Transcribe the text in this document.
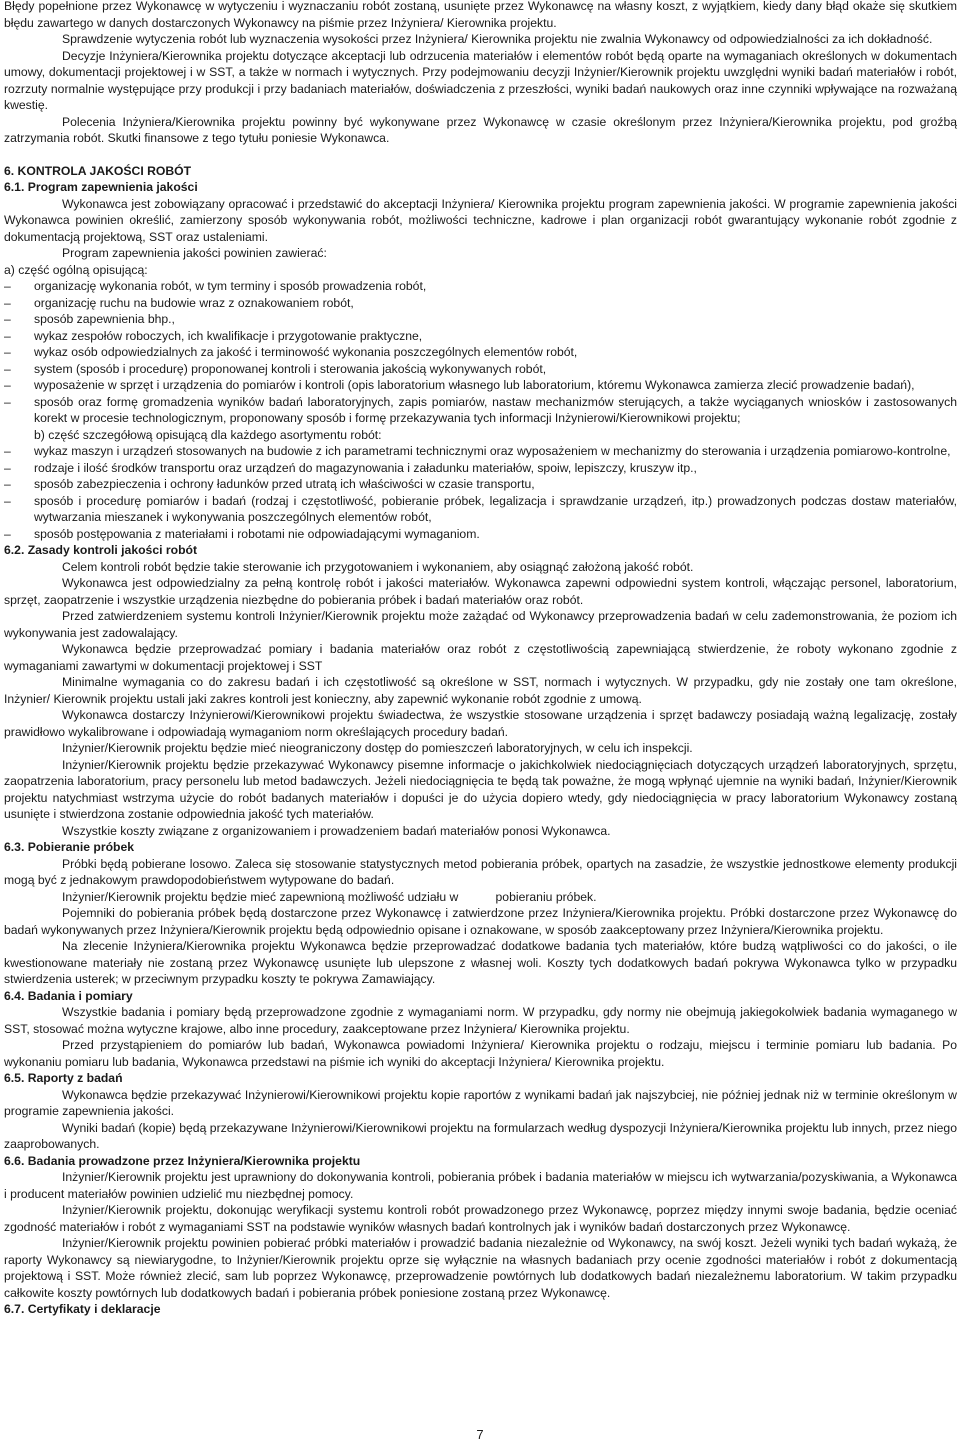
Błędy popełnione przez Wykonawcę w wytyczeniu i wyznaczaniu robót zostaną, usunięte przez Wykonawcę na własny koszt, z wyjątkiem, kiedy dany błąd okaże się skutkiem błędu zawartego w danych dostarczonych Wykonawcy na piśmie przez Inżyniera/ Kierownika projektu.

Sprawdzenie wytyczenia robót lub wyznaczenia wysokości przez Inżyniera/ Kierownika projektu nie zwalnia Wykonawcy od odpowiedzialności za ich dokładność.

Decyzje Inżyniera/Kierownika projektu dotyczące akceptacji lub odrzucenia materiałów i elementów robót będą oparte na wymaganiach określonych w dokumentach umowy, dokumentacji projektowej i w SST, a także w normach i wytycznych. Przy podejmowaniu decyzji Inżynier/Kierownik projektu uwzględni wyniki badań materiałów i robót, rozrzuty normalnie występujące przy produkcji i przy badaniach materiałów, doświadczenia z przeszłości, wyniki badań naukowych oraz inne czynniki wpływające na rozważaną kwestię.

Polecenia Inżyniera/Kierownika projektu powinny być wykonywane przez Wykonawcę w czasie określonym przez Inżyniera/Kierownika projektu, pod groźbą zatrzymania robót. Skutki finansowe z tego tytułu poniesie Wykonawca.

6. KONTROLA JAKOŚCI ROBÓT

6.1. Program zapewnienia jakości

Wykonawca jest zobowiązany opracować i przedstawić do akceptacji Inżyniera/ Kierownika projektu program zapewnienia jakości. W programie zapewnienia jakości Wykonawca powinien określić, zamierzony sposób wykonywania robót, możliwości techniczne, kadrowe i plan organizacji robót gwarantujący wykonanie robót zgodnie z dokumentacją projektową, SST oraz ustaleniami.

Program zapewnienia jakości powinien zawierać:

a) część ogólną opisującą:

– organizację wykonania robót, w tym terminy i sposób prowadzenia robót,
– organizację ruchu na budowie wraz z oznakowaniem robót,
– sposób zapewnienia bhp.,
– wykaz zespołów roboczych, ich kwalifikacje i przygotowanie praktyczne,
– wykaz osób odpowiedzialnych za jakość i terminowość wykonania poszczególnych elementów robót,
– system (sposób i procedurę) proponowanej kontroli i sterowania jakością wykonywanych robót,
– wyposażenie w sprzęt i urządzenia do pomiarów i kontroli (opis laboratorium własnego lub laboratorium, któremu Wykonawca zamierza zlecić prowadzenie badań),
– sposób oraz formę gromadzenia wyników badań laboratoryjnych, zapis pomiarów, nastaw mechanizmów sterujących, a także wyciąganych wniosków i zastosowanych korekt w procesie technologicznym, proponowany sposób i formę przekazywania tych informacji Inżynierowi/Kierownikowi projektu;

b) część szczegółową opisującą dla każdego asortymentu robót:

– wykaz maszyn i urządzeń stosowanych na budowie z ich parametrami technicznymi oraz wyposażeniem w mechanizmy do sterowania i urządzenia pomiarowo-kontrolne,
– rodzaje i ilość środków transportu oraz urządzeń do magazynowania i załadunku materiałów, spoiw, lepiszczy, kruszyw itp.,
– sposób zabezpieczenia i ochrony ładunków przed utratą ich właściwości w czasie transportu,
– sposób i procedurę pomiarów i badań (rodzaj i częstotliwość, pobieranie próbek, legalizacja i sprawdzanie urządzeń, itp.) prowadzonych podczas dostaw materiałów, wytwarzania mieszanek i wykonywania poszczególnych elementów robót,
– sposób postępowania z materiałami i robotami nie odpowiadającymi wymaganiom.

6.2. Zasady kontroli jakości robót

Celem kontroli robót będzie takie sterowanie ich przygotowaniem i wykonaniem, aby osiągnąć założoną jakość robót.

Wykonawca jest odpowiedzialny za pełną kontrolę robót i jakości materiałów. Wykonawca zapewni odpowiedni system kontroli, włączając personel, laboratorium, sprzęt, zaopatrzenie i wszystkie urządzenia niezbędne do pobierania próbek i badań materiałów oraz robót.

Przed zatwierdzeniem systemu kontroli Inżynier/Kierownik projektu może zażądać od Wykonawcy przeprowadzenia badań w celu zademonstrowania, że poziom ich wykonywania jest zadowalający.

Wykonawca będzie przeprowadzać pomiary i badania materiałów oraz robót z częstotliwością zapewniającą stwierdzenie, że roboty wykonano zgodnie z wymaganiami zawartymi w dokumentacji projektowej i SST

Minimalne wymagania co do zakresu badań i ich częstotliwość są określone w SST, normach i wytycznych. W przypadku, gdy nie zostały one tam określone, Inżynier/ Kierownik projektu ustali jaki zakres kontroli jest konieczny, aby zapewnić wykonanie robót zgodnie z umową.

Wykonawca dostarczy Inżynierowi/Kierownikowi projektu świadectwa, że wszystkie stosowane urządzenia i sprzęt badawczy posiadają ważną legalizację, zostały prawidłowo wykalibrowane i odpowiadają wymaganiom norm określających procedury badań.

Inżynier/Kierownik projektu będzie mieć nieograniczony dostęp do pomieszczeń laboratoryjnych, w celu ich inspekcji.

Inżynier/Kierownik projektu będzie przekazywać Wykonawcy pisemne informacje o jakichkolwiek niedociągnięciach dotyczących urządzeń laboratoryjnych, sprzętu, zaopatrzenia laboratorium, pracy personelu lub metod badawczych. Jeżeli niedociągnięcia te będą tak poważne, że mogą wpłynąć ujemnie na wyniki badań, Inżynier/Kierownik projektu natychmiast wstrzyma użycie do robót badanych materiałów i dopuści je do użycia dopiero wtedy, gdy niedociągnięcia w pracy laboratorium Wykonawcy zostaną usunięte i stwierdzona zostanie odpowiednia jakość tych materiałów.

Wszystkie koszty związane z organizowaniem i prowadzeniem badań materiałów ponosi Wykonawca.

6.3. Pobieranie próbek

Próbki będą pobierane losowo. Zaleca się stosowanie statystycznych metod pobierania próbek, opartych na zasadzie, że wszystkie jednostkowe elementy produkcji mogą być z jednakowym prawdopodobieństwem wytypowane do badań.

Inżynier/Kierownik projektu będzie mieć zapewnioną możliwość udziału w           pobieraniu próbek.

Pojemniki do pobierania próbek będą dostarczone przez Wykonawcę i zatwierdzone przez Inżyniera/Kierownika projektu. Próbki dostarczone przez Wykonawcę do badań wykonywanych przez Inżyniera/Kierownik projektu będą odpowiednio opisane i oznakowane, w sposób zaakceptowany przez Inżyniera/Kierownika projektu.

Na zlecenie Inżyniera/Kierownika projektu Wykonawca będzie przeprowadzać dodatkowe badania tych materiałów, które budzą wątpliwości co do jakości, o ile kwestionowane materiały nie zostaną przez Wykonawcę usunięte lub ulepszone z własnej woli. Koszty tych dodatkowych badań pokrywa Wykonawca tylko w przypadku stwierdzenia usterek; w przeciwnym przypadku koszty te pokrywa Zamawiający.

6.4. Badania i pomiary

Wszystkie badania i pomiary będą przeprowadzone zgodnie z wymaganiami norm. W przypadku, gdy normy nie obejmują jakiegokolwiek badania wymaganego w SST, stosować można wytyczne krajowe, albo inne procedury, zaakceptowane przez Inżyniera/ Kierownika projektu.

Przed przystąpieniem do pomiarów lub badań, Wykonawca powiadomi Inżyniera/ Kierownika projektu o rodzaju, miejscu i terminie pomiaru lub badania. Po wykonaniu pomiaru lub badania, Wykonawca przedstawi na piśmie ich wyniki do akceptacji Inżyniera/ Kierownika projektu.

6.5. Raporty z badań

Wykonawca będzie przekazywać Inżynierowi/Kierownikowi projektu kopie raportów z wynikami badań jak najszybciej, nie później jednak niż w terminie określonym w programie zapewnienia jakości.

Wyniki badań (kopie) będą przekazywane Inżynierowi/Kierownikowi projektu na formularzach według dyspozycji Inżyniera/Kierownika projektu lub innych, przez niego zaaprobowanych.

6.6. Badania prowadzone przez Inżyniera/Kierownika projektu

Inżynier/Kierownik projektu jest uprawniony do dokonywania kontroli, pobierania próbek i badania materiałów w miejscu ich wytwarzania/pozyskiwania, a Wykonawca i producent materiałów powinien udzielić mu niezbędnej pomocy.

Inżynier/Kierownik projektu, dokonując weryfikacji systemu kontroli robót prowadzonego przez Wykonawcę, poprzez między innymi swoje badania, będzie oceniać zgodność materiałów i robót z wymaganiami SST na podstawie wyników własnych badań kontrolnych jak i wyników badań dostarczonych przez Wykonawcę.

Inżynier/Kierownik projektu powinien pobierać próbki materiałów i prowadzić badania niezależnie od Wykonawcy, na swój koszt. Jeżeli wyniki tych badań wykażą, że raporty Wykonawcy są niewiarygodne, to Inżynier/Kierownik projektu oprze się wyłącznie na własnych badaniach przy ocenie zgodności materiałów i robót z dokumentacją projektową i SST. Może również zlecić, sam lub poprzez Wykonawcę, przeprowadzenie powtórnych lub dodatkowych badań niezależnemu laboratorium. W takim przypadku całkowite koszty powtórnych lub dodatkowych badań i pobierania próbek poniesione zostaną przez Wykonawcę.

6.7. Certyfikaty i deklaracje

7
